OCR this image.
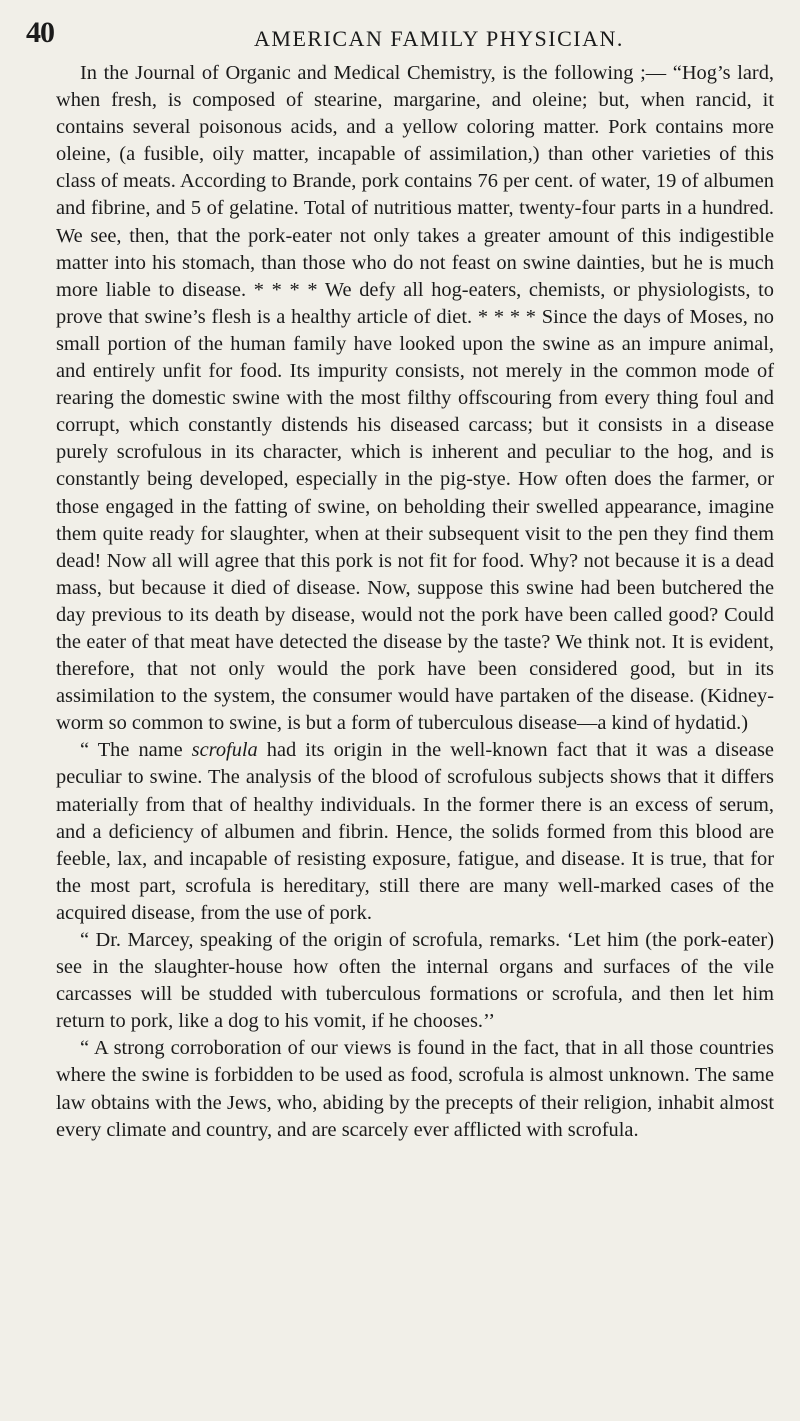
40	AMERICAN FAMILY PHYSICIAN.

In the Journal of Organic and Medical Chemistry, is the following ;— “Hog’s lard, when fresh, is composed of stearine, margarine, and oleine; but, when rancid, it contains several poisonous acids, and a yellow coloring matter. Pork contains more oleine, (a fusible, oily matter, incapable of assimilation,) than other varieties of this class of meats. According to Brande, pork contains 76 per cent. of water, 19 of albumen and fibrine, and 5 of gelatine. Total of nutritious matter, twenty-four parts in a hundred. We see, then, that the pork-eater not only takes a greater amount of this indigestible matter into his stomach, than those who do not feast on swine dainties, but he is much more liable to disease. * * * * We defy all hog-eaters, chemists, or physiologists, to prove that swine’s flesh is a healthy article of diet. * * * * Since the days of Moses, no small portion of the human family have looked upon the swine as an impure animal, and entirely unfit for food. Its impurity consists, not merely in the common mode of rearing the domestic swine with the most filthy offscouring from every thing foul and corrupt, which constantly distends his diseased carcass; but it consists in a disease purely scrofulous in its character, which is inherent and peculiar to the hog, and is constantly being developed, especially in the pig-stye. How often does the farmer, or those engaged in the fatting of swine, on beholding their swelled appearance, imagine them quite ready for slaughter, when at their subsequent visit to the pen they find them dead! Now all will agree that this pork is not fit for food. Why? not because it is a dead mass, but because it died of disease. Now, suppose this swine had been butchered the day previous to its death by disease, would not the pork have been called good? Could the eater of that meat have detected the disease by the taste? We think not. It is evident, therefore, that not only would the pork have been considered good, but in its assimilation to the system, the consumer would have partaken of the disease. (Kidney-worm so common to swine, is but a form of tuberculous disease—a kind of hydatid.)

“ The name scrofula had its origin in the well-known fact that it was a disease peculiar to swine. The analysis of the blood of scrofulous subjects shows that it differs materially from that of healthy individuals. In the former there is an excess of serum, and a deficiency of albumen and fibrin. Hence, the solids formed from this blood are feeble, lax, and incapable of resisting exposure, fatigue, and disease. It is true, that for the most part, scrofula is hereditary, still there are many well-marked cases of the acquired disease, from the use of pork.

“ Dr. Marcey, speaking of the origin of scrofula, remarks. ‘Let him (the pork-eater) see in the slaughter-house how often the internal organs and surfaces of the vile carcasses will be studded with tuberculous formations or scrofula, and then let him return to pork, like a dog to his vomit, if he chooses.’’

“ A strong corroboration of our views is found in the fact, that in all those countries where the swine is forbidden to be used as food, scrofula is almost unknown. The same law obtains with the Jews, who, abiding by the precepts of their religion, inhabit almost every climate and country, and are scarcely ever afflicted with scrofula.
